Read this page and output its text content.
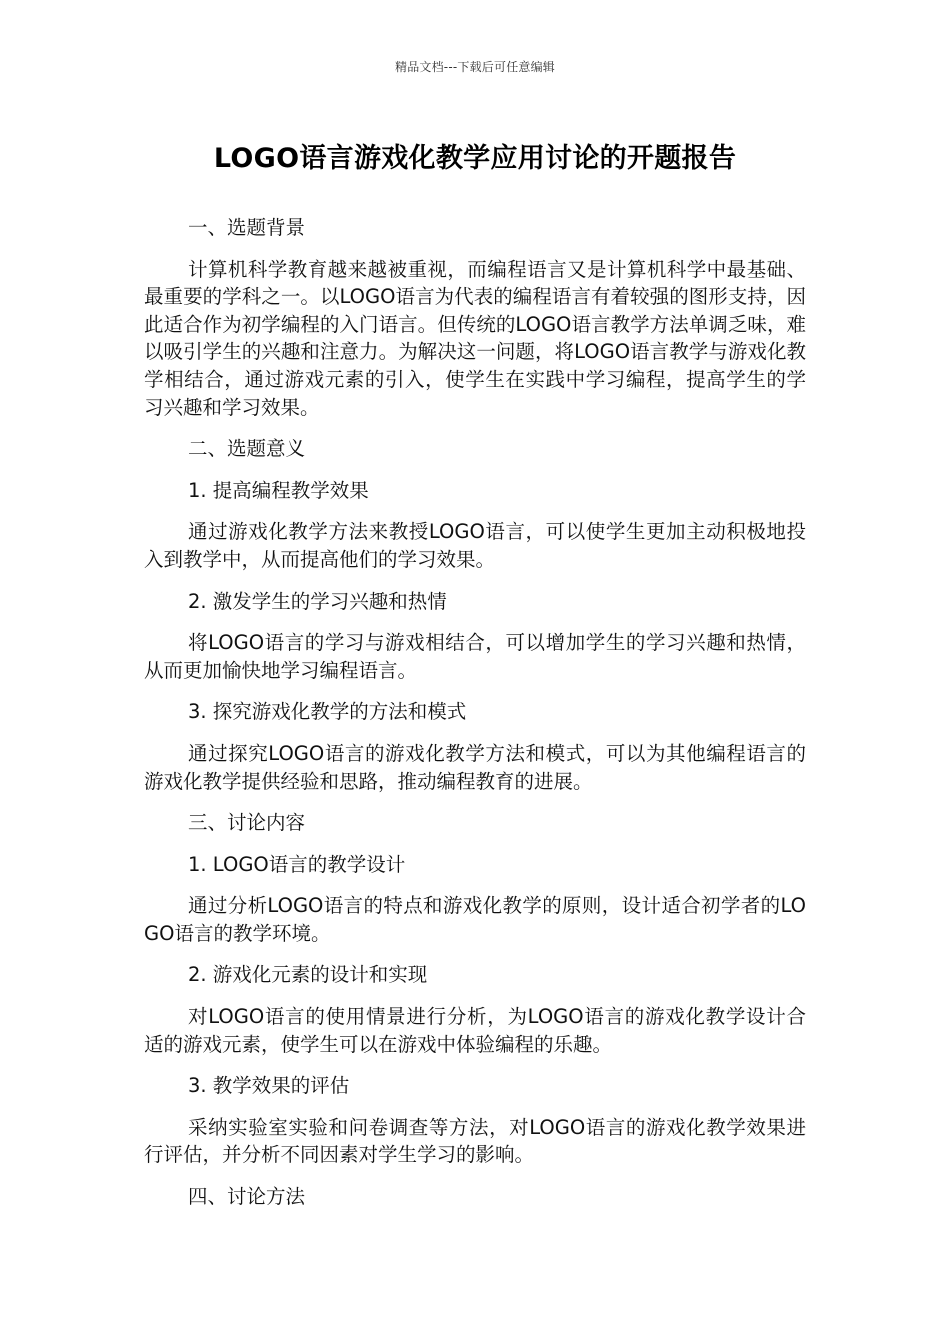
精品文档---下载后可任意编辑
LOGO语言游戏化教学应用讨论的开题报告

一、选题背景

计算机科学教育越来越被重视，而编程语言又是计算机科学中最基础、最重要的学科之一。以LOGO语言为代表的编程语言有着较强的图形支持，因此适合作为初学编程的入门语言。但传统的LOGO语言教学方法单调乏味，难以吸引学生的兴趣和注意力。为解决这一问题，将LOGO语言教学与游戏化教学相结合，通过游戏元素的引入，使学生在实践中学习编程，提高学生的学习兴趣和学习效果。

二、选题意义

1. 提高编程教学效果

通过游戏化教学方法来教授LOGO语言，可以使学生更加主动积极地投入到教学中，从而提高他们的学习效果。

2. 激发学生的学习兴趣和热情

将LOGO语言的学习与游戏相结合，可以增加学生的学习兴趣和热情，从而更加愉快地学习编程语言。

3. 探究游戏化教学的方法和模式

通过探究LOGO语言的游戏化教学方法和模式，可以为其他编程语言的游戏化教学提供经验和思路，推动编程教育的进展。

三、讨论内容

1. LOGO语言的教学设计

通过分析LOGO语言的特点和游戏化教学的原则，设计适合初学者的LOGO语言的教学环境。

2. 游戏化元素的设计和实现

对LOGO语言的使用情景进行分析，为LOGO语言的游戏化教学设计合适的游戏元素，使学生可以在游戏中体验编程的乐趣。

3. 教学效果的评估

采纳实验室实验和问卷调查等方法，对LOGO语言的游戏化教学效果进行评估，并分析不同因素对学生学习的影响。

四、讨论方法
